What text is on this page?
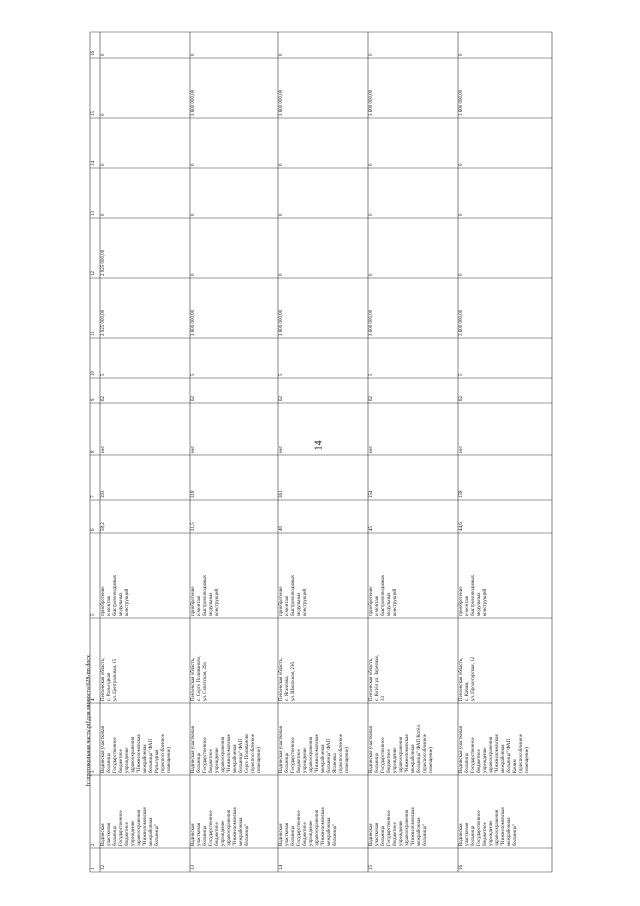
14
h:\протокольная часть\pil\для минюста\628-пп.docx
1
2
3
4
5
6
7
8
9
10
11
12
13
14
15
16
12
Вадинская
участковая
больница
Государственное
бюджетное
учреждение
здравоохранения
"Нижнеломовская
межрайонная
больница"
Вадинская участковая
больница
Государственное
бюджетное
учреждение
здравоохранения
"Нижнеломовская
межрайонная
больница" ФАП
Разъездная
(приспособленное
помещение)
Пензенская область,
с. Разъездная
ул. Центральная, 15
приобретение
и монтаж
быстровозводимых
модульных
конструкций
58,2
393
нет
62
5
2 925 000,00
2 925 000,00
0
0
0
0
13
Вадинская
участковая
больница
Государственное
бюджетное
учреждение
здравоохранения
"Нижнеломовская
межрайонная
больница"
Вадинская участковая
больница
Государственное
бюджетное
учреждение
здравоохранения
"Нижнеломовская
межрайонная
больница" ФАП
Серго Поливаново
(приспособленное
помещение)
Пензенская область,
с. Серго Поливаново,
ул. Советская, 29а
приобретение
и монтаж
быстровозводимых
модульных
конструкций
21,5
318
нет
62
5
3 600 000,00
0
0
0
3 600 000,00
0
14
Вадинская
участковая
больница
Государственное
бюджетное
учреждение
здравоохранения
"Нижнеломовская
межрайонная
больница"
Вадинская участковая
больница
Государственное
бюджетное
учреждение
здравоохранения
"Нижнеломовская
межрайонная
больница" ФАП
Ягановка
(приспособленное
помещение)
Пензенская область,
с. Ягановка,
ул. Школьная, 23б
приобретение
и монтаж
быстровозводимых
модульных
конструкций
40
361
нет
62
5
3 600 000,00
0
0
0
3 600 000,00
0
15
Вадинская
участковая
больница
Государственное
бюджетное
учреждение
здравоохранения
"Нижнеломовская
межрайонная
больница"
Вадинская участковая
больница
Государственное
бюджетное
учреждение
здравоохранения
"Нижнеломовская
межрайонная
больница" ФАП Котёл
(приспособленное
помещение)
Пензенская область,
с. Котёл ул. Заречная,
33
приобретение
и монтаж
быстровозводимых
модульных
конструкций
45
154
нет
62
5
3 600 000,00
0
0
0
3 600 000,00
0
16
Вадинская
участковая
больница
Государственное
бюджетное
учреждение
здравоохранения
"Нижнеломовская
межрайонная
больница"
Вадинская участковая
больница
Государственное
бюджетное
учреждение
здравоохранения
"Нижнеломовская
межрайонная
больница" ФАП
Качим
(приспособленное
помещение)
Пензенская область,
с. Качим,
ул. Пролетарская, 12
приобретение
и монтаж
быстровозводимых
модульных
конструкций
44,6
158
нет
62
5
3 600 000,00
0
0
0
3 600 000,00
0
